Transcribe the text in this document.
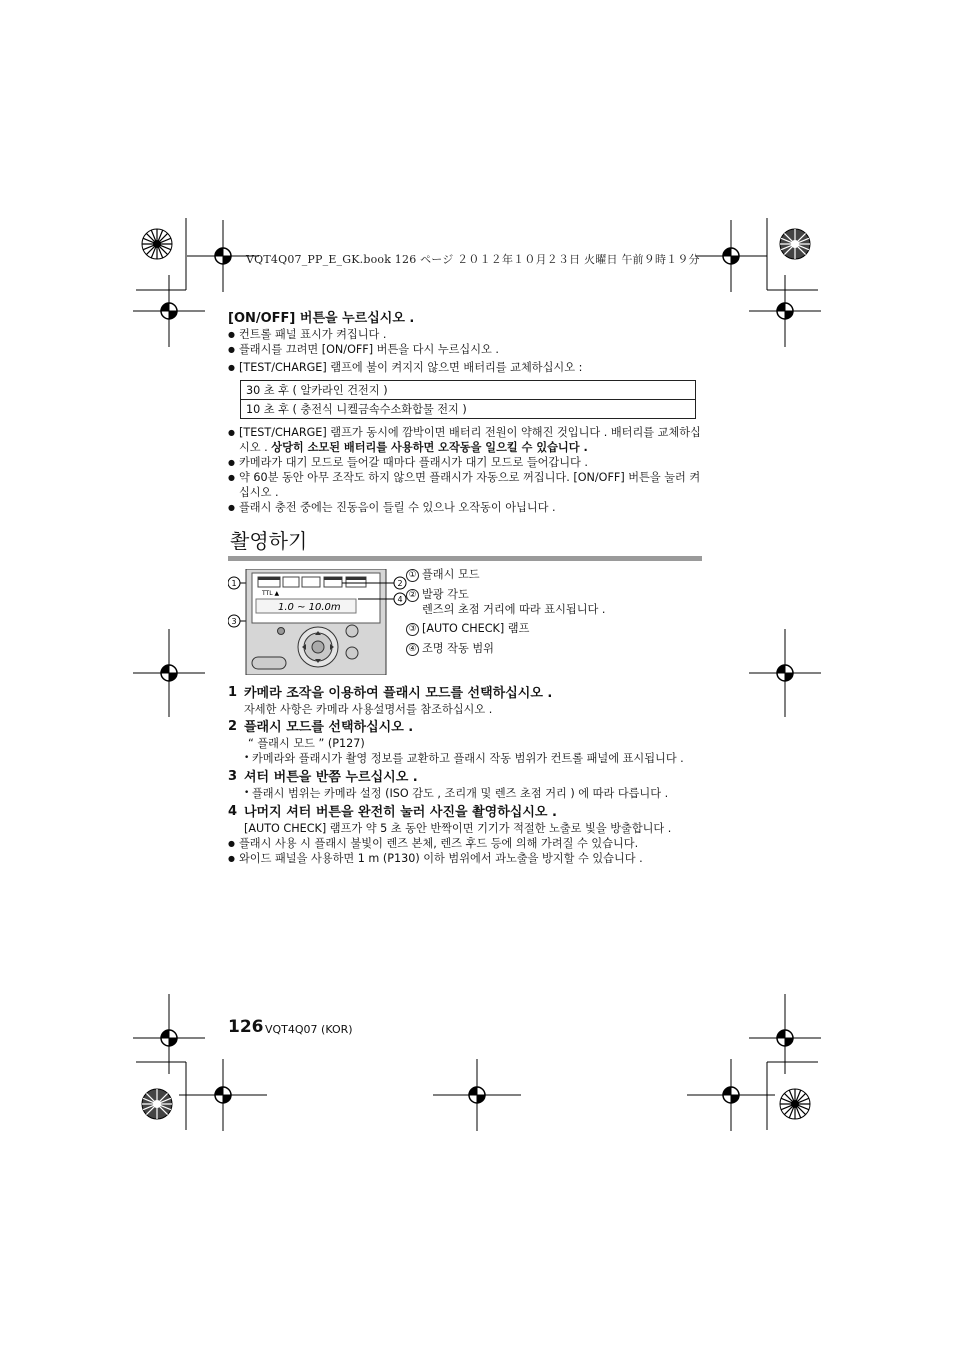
VQT4Q07_PP_E_GK.book 126 ページ ２０１２年１０月２３日 火曜日 午前９時１９分
[ON/OFF] 버튼을 누르십시오 .
● 컨트롤 패널 표시가 켜집니다 .
● 플래시를 끄려면 [ON/OFF] 버튼을 다시 누르십시오 .
● [TEST/CHARGE] 램프에 불이 켜지지 않으면 배터리를 교체하십시오 :
30 초 후 ( 알카라인 건전지 )
10 초 후 ( 충전식 니켈금속수소화합물 전지 )
● [TEST/CHARGE] 램프가 동시에 깜박이면 배터리 전원이 약해진 것입니다 . 배터리를 교체하십시오 . 상당히 소모된 배터리를 사용하면 오작동을 일으킬 수 있습니다 .
● 카메라가 대기 모드로 들어갈 때마다 플래시가 대기 모드로 들어갑니다 .
● 약 60분 동안 아무 조작도 하지 않으면 플래시가 자동으로 꺼집니다. [ON/OFF] 버튼을 눌러 켜십시오 .
● 플래시 충전 중에는 진동음이 들릴 수 있으나 오작동이 아닙니다 .
촬영하기
1
3
TTL ▲
1.0 ~ 10.0m
2
4
① 플래시 모드
② 발광 각도
렌즈의 초점 거리에 따라 표시됩니다 .
③ [AUTO CHECK] 램프
④ 조명 작동 범위
1 카메라 조작을 이용하여 플래시 모드를 선택하십시오 .
자세한 사항은 카메라 사용설명서를 참조하십시오 .
2 플래시 모드를 선택하십시오 .
“ 플래시 모드 ” (P127)
• 카메라와 플래시가 촬영 정보를 교환하고 플래시 작동 범위가 컨트롤 패널에 표시됩니다 .
3 셔터 버튼을 반쯤 누르십시오 .
• 플래시 범위는 카메라 설정 (ISO 감도 , 조리개 및 렌즈 초점 거리 ) 에 따라 다릅니다 .
4 나머지 셔터 버튼을 완전히 눌러 사진을 촬영하십시오 .
[AUTO CHECK] 램프가 약 5 초 동안 반짝이면 기기가 적절한 노출로 빛을 방출합니다 .
● 플래시 사용 시 플래시 불빛이 렌즈 본체, 렌즈 후드 등에 의해 가려질 수 있습니다.
● 와이드 패널을 사용하면 1 m (P130) 이하 범위에서 과노출을 방지할 수 있습니다 .
126 VQT4Q07 (KOR)
